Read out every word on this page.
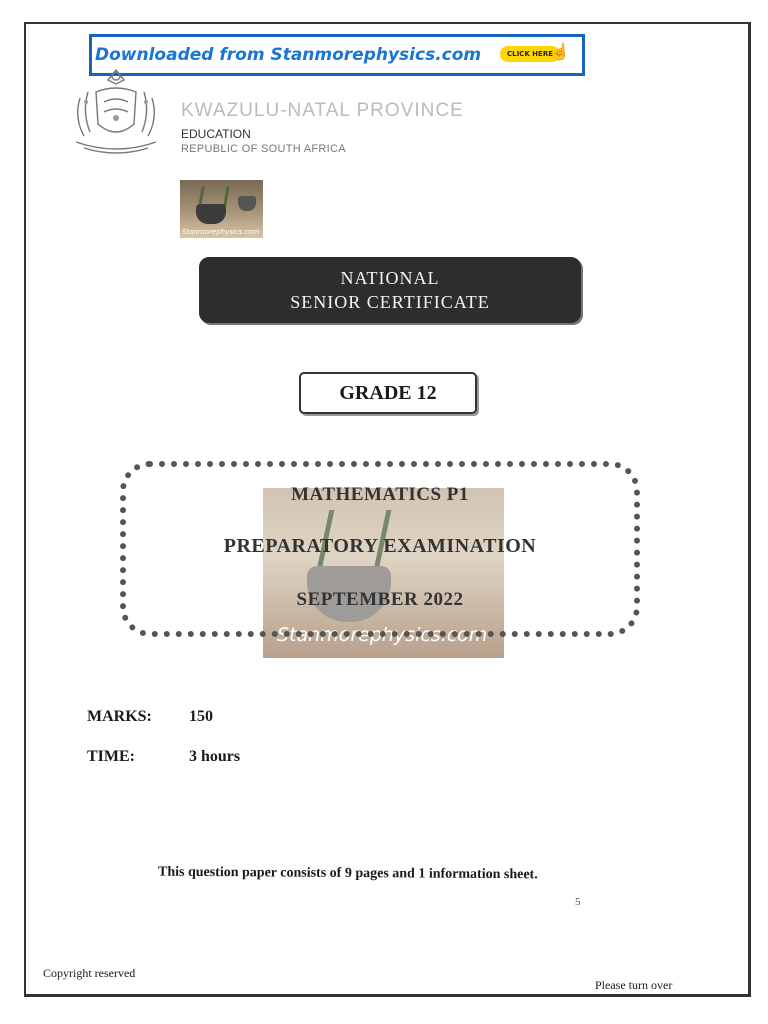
Downloaded from Stanmorephysics.com	CLICK HERE
☝
KWAZULU-NATAL PROVINCE
EDUCATION
REPUBLIC OF SOUTH AFRICA
Stanmorephysics.com
NATIONAL
SENIOR CERTIFICATE
GRADE 12
Stanmorephysics.com
MATHEMATICS P1
PREPARATORY EXAMINATION
SEPTEMBER 2022
MARKS: 150
TIME:	3 hours
This question paper consists of 9 pages and 1 information sheet.
5
Copyright reserved
Please turn over
